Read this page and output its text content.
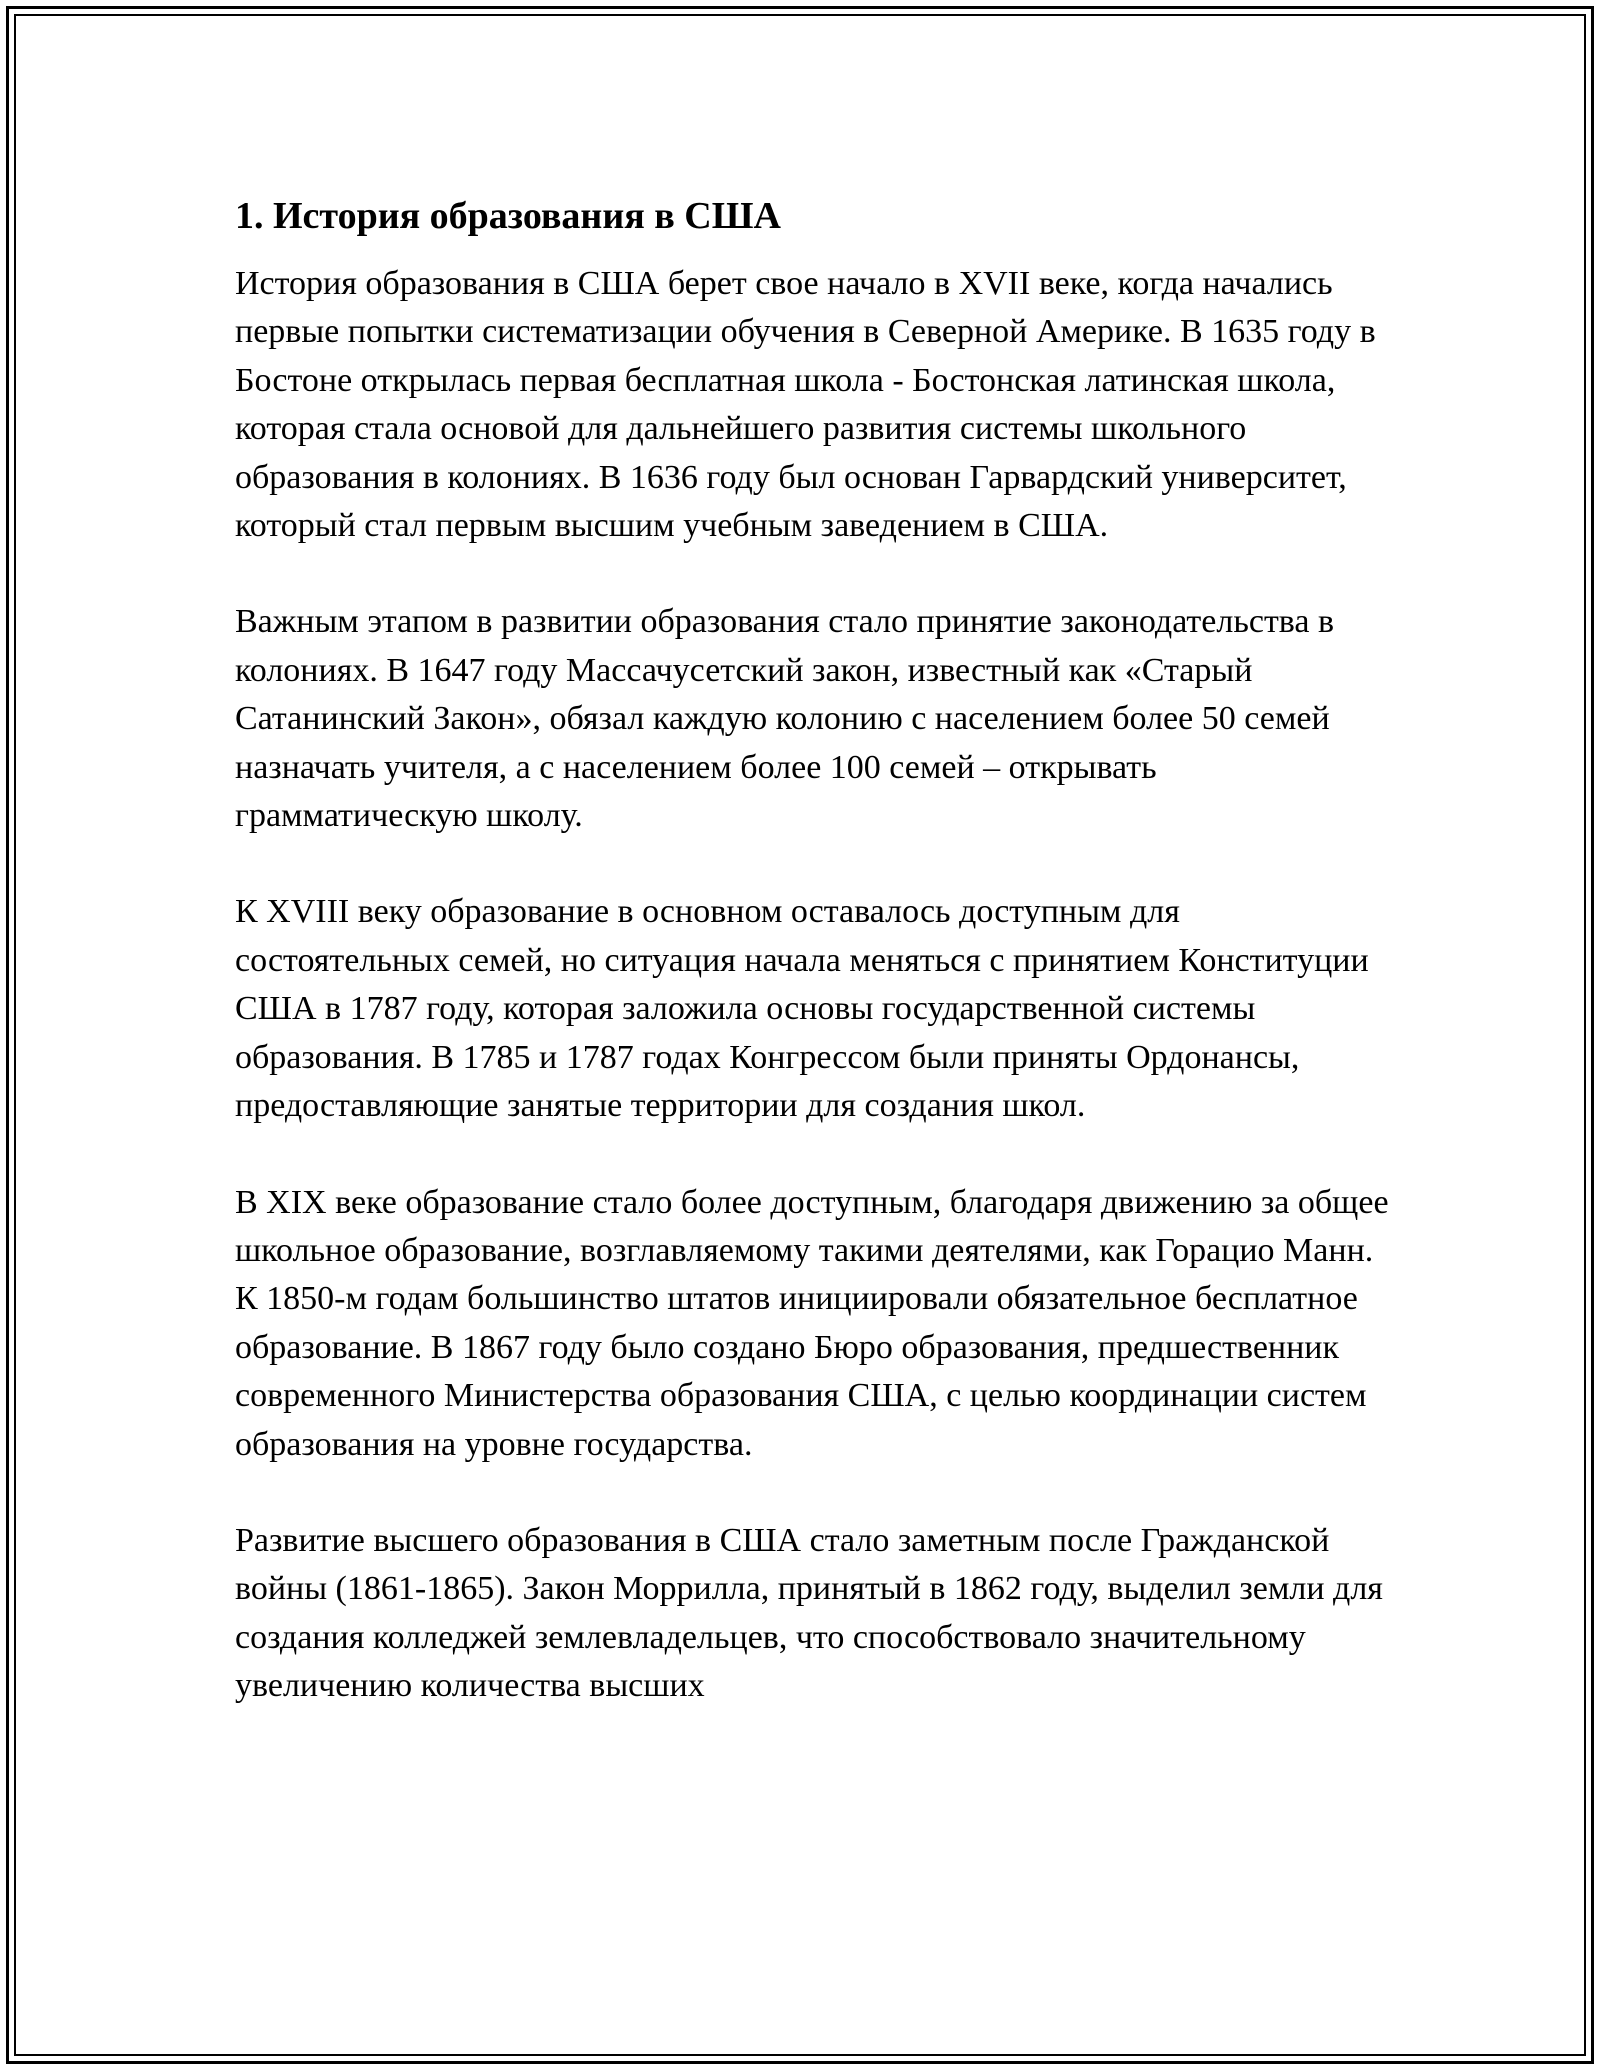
1. История образования в США

История образования в США берет свое начало в XVII веке, когда начались первые попытки систематизации обучения в Северной Америке. В 1635 году в Бостоне открылась первая бесплатная школа - Бостонская латинская школа, которая стала основой для дальнейшего развития системы школьного образования в колониях. В 1636 году был основан Гарвардский университет, который стал первым высшим учебным заведением в США.

Важным этапом в развитии образования стало принятие законодательства в колониях. В 1647 году Массачусетский закон, известный как «Старый Сатанинский Закон», обязал каждую колонию с населением более 50 семей назначать учителя, а с населением более 100 семей – открывать грамматическую школу.

К XVIII веку образование в основном оставалось доступным для состоятельных семей, но ситуация начала меняться с принятием Конституции США в 1787 году, которая заложила основы государственной системы образования. В 1785 и 1787 годах Конгрессом были приняты Ордонансы, предоставляющие занятые территории для создания школ.

В XIX веке образование стало более доступным, благодаря движению за общее школьное образование, возглавляемому такими деятелями, как Горацио Манн. К 1850-м годам большинство штатов инициировали обязательное бесплатное образование. В 1867 году было создано Бюро образования, предшественник современного Министерства образования США, с целью координации систем образования на уровне государства.

Развитие высшего образования в США стало заметным после Гражданской войны (1861-1865). Закон Моррилла, принятый в 1862 году, выделил земли для создания колледжей землевладельцев, что способствовало значительному увеличению количества высших
